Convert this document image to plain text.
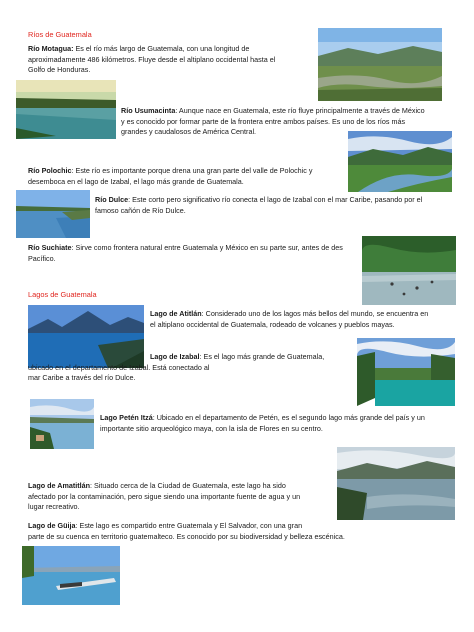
Ríos de Guatemala
Río Motagua: Es el río más largo de Guatemala, con una longitud de
aproximadamente 486 kilómetros. Fluye desde el altiplano occidental hasta el
Golfo de Honduras.
Río Usumacinta: Aunque nace en Guatemala, este río fluye principalmente a través de México
y es conocido por formar parte de la frontera entre ambos países. Es uno de los ríos más
grandes y caudalosos de América Central.
Río Polochic: Este río es importante porque drena una gran parte del valle de Polochic y
desemboca en el lago de Izabal, el lago más grande de Guatemala.
Río Dulce: Este corto pero significativo río conecta el lago de Izabal con el mar Caribe, pasando por el
famoso cañón de Río Dulce.
Río Suchiate: Sirve como frontera natural entre Guatemala y México en su parte sur, antes de des
Pacífico.
Lagos de Guatemala
Lago de Atitlán: Considerado uno de los lagos más bellos del mundo, se encuentra en
el altiplano occidental de Guatemala, rodeado de volcanes y pueblos mayas.
Lago de Izabal: Es el lago más grande de Guatemala,
ubicado en el departamento de Izabal. Está conectado al
mar Caribe a través del río Dulce.
Lago Petén Itzá: Ubicado en el departamento de Petén, es el segundo lago más grande del país y un
importante sitio arqueológico maya, con la isla de Flores en su centro.
Lago de Amatitlán: Situado cerca de la Ciudad de Guatemala, este lago ha sido
afectado por la contaminación, pero sigue siendo una importante fuente de agua y un
lugar recreativo.
Lago de Güija: Este lago es compartido entre Guatemala y El Salvador, con una gran
parte de su cuenca en territorio guatemalteco. Es conocido por su biodiversidad y belleza escénica.
